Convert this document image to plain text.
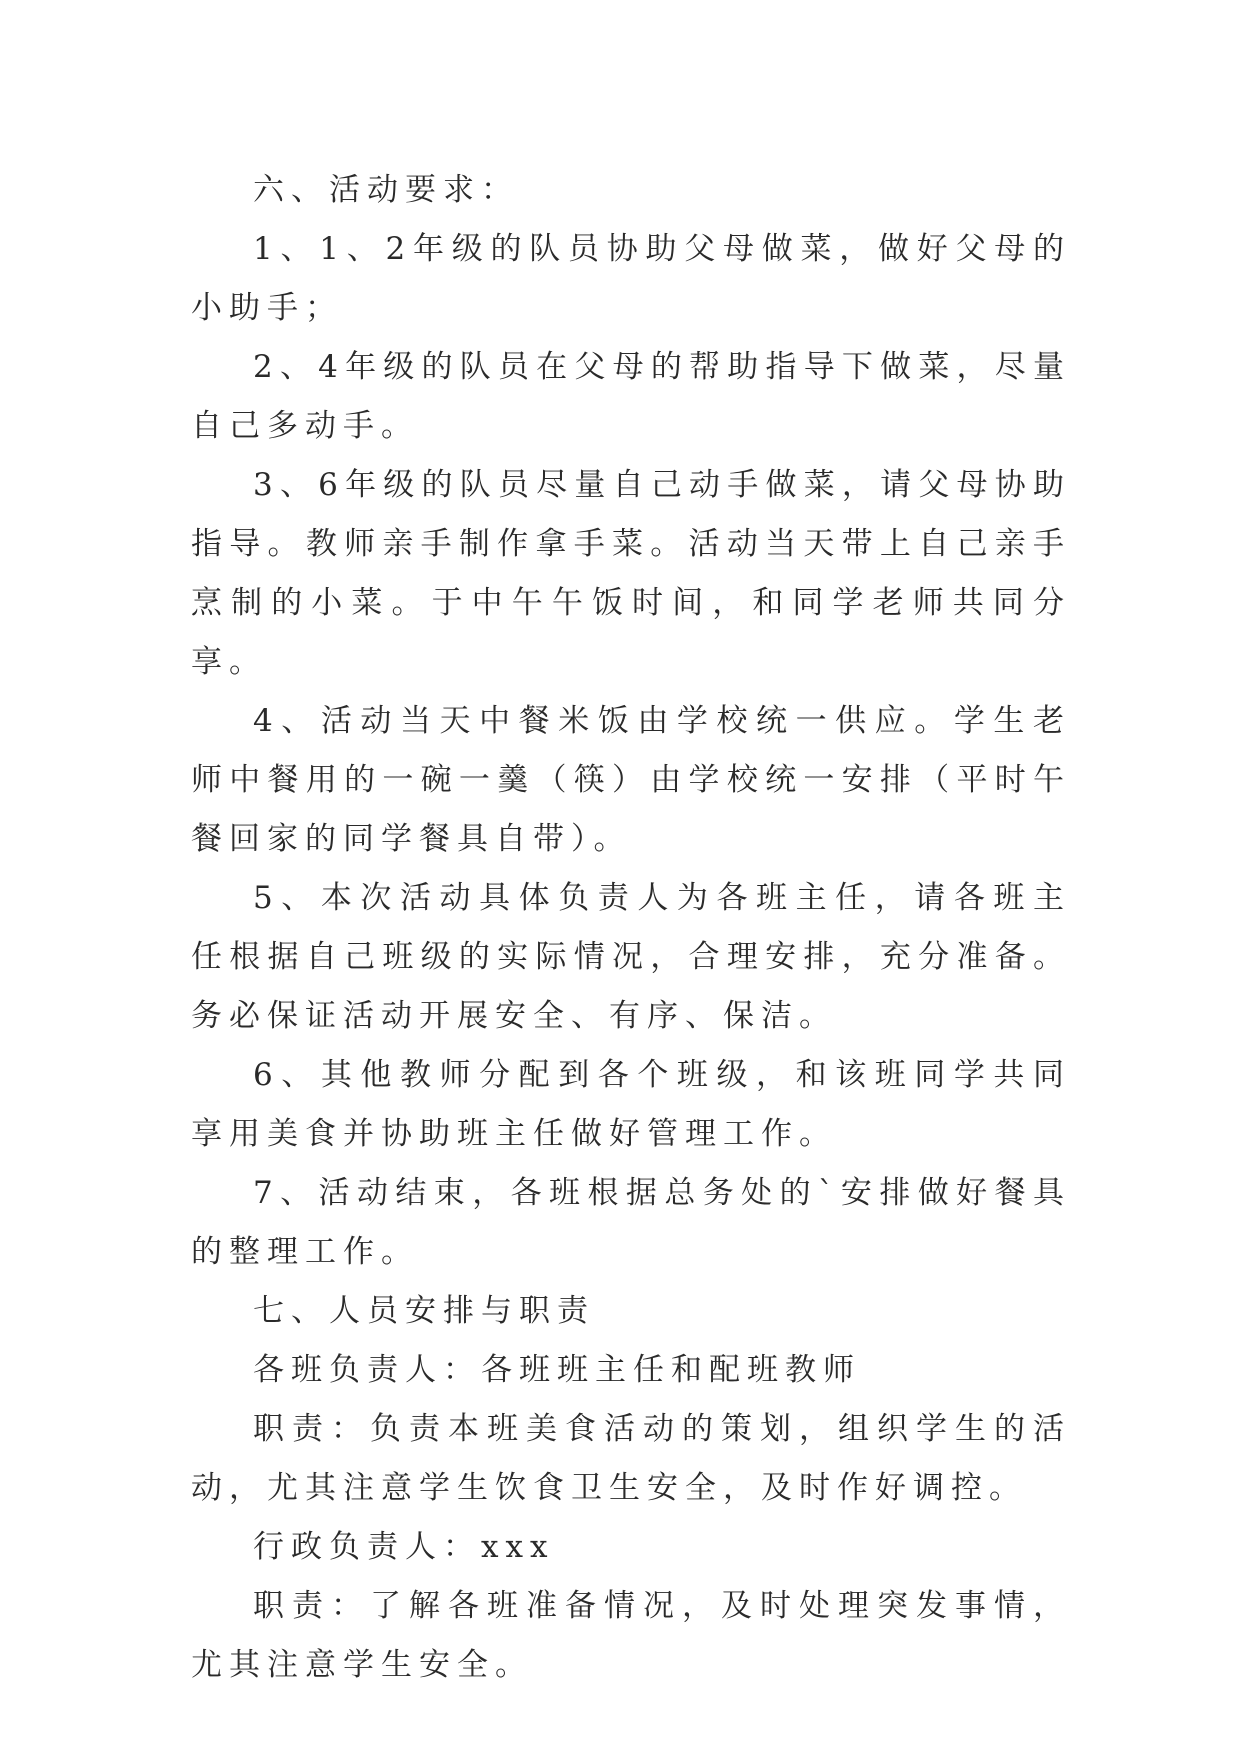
六、活动要求：

1、1、2年级的队员协助父母做菜，做好父母的小助手；

2、4年级的队员在父母的帮助指导下做菜，尽量自己多动手。

3、6年级的队员尽量自己动手做菜，请父母协助指导。教师亲手制作拿手菜。活动当天带上自己亲手烹制的小菜。于中午午饭时间，和同学老师共同分享。

4、活动当天中餐米饭由学校统一供应。学生老师中餐用的一碗一羹（筷）由学校统一安排（平时午餐回家的同学餐具自带）。

5、本次活动具体负责人为各班主任，请各班主任根据自己班级的实际情况，合理安排，充分准备。务必保证活动开展安全、有序、保洁。

6、其他教师分配到各个班级，和该班同学共同享用美食并协助班主任做好管理工作。

7、活动结束，各班根据总务处的`安排做好餐具的整理工作。

七、人员安排与职责

各班负责人：各班班主任和配班教师

职责：负责本班美食活动的策划，组织学生的活动，尤其注意学生饮食卫生安全，及时作好调控。

行政负责人：xxx

职责：了解各班准备情况，及时处理突发事情，尤其注意学生安全。
